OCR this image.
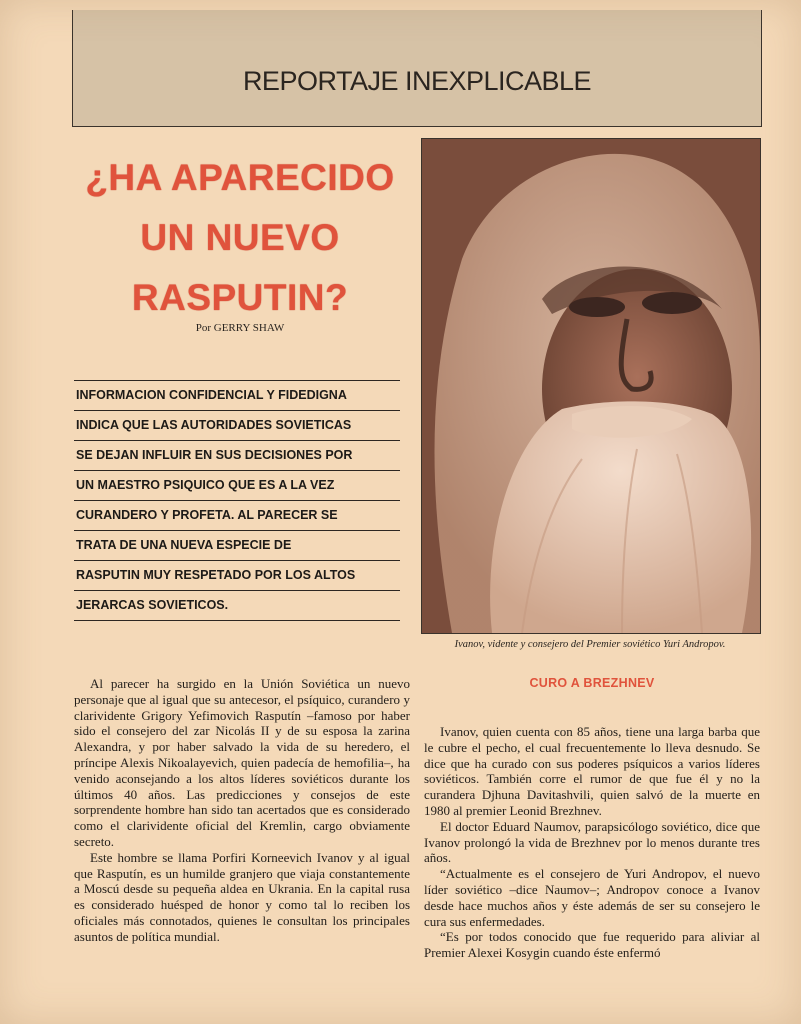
REPORTAJE INEXPLICABLE
¿HA APARECIDO
UN NUEVO
RASPUTIN?
Por GERRY SHAW
INFORMACION CONFIDENCIAL Y FIDEDIGNA
INDICA QUE LAS AUTORIDADES SOVIETICAS
SE DEJAN INFLUIR EN SUS DECISIONES POR
UN MAESTRO PSIQUICO QUE ES A LA VEZ
CURANDERO Y PROFETA. AL PARECER SE
TRATA DE UNA NUEVA ESPECIE DE
RASPUTIN MUY RESPETADO POR LOS ALTOS
JERARCAS SOVIETICOS.
Ivanov, vidente y consejero del Premier soviético Yuri Andropov.

Al parecer ha surgido en la Unión Soviética un nuevo personaje que al igual que su antecesor, el psíquico, curandero y clarividente Grigory Yefimovich Rasputín –famoso por haber sido el consejero del zar Nicolás II y de su esposa la zarina Alexandra, y por haber salvado la vida de su heredero, el príncipe Alexis Nikoalayevich, quien padecía de hemofilia–, ha venido aconsejando a los altos líderes soviéticos durante los últimos 40 años. Las predicciones y consejos de este sorprendente hombre han sido tan acertados que es considerado como el clarividente oficial del Kremlin, cargo obviamente secreto.

Este hombre se llama Porfiri Korneevich Ivanov y al igual que Rasputín, es un humilde granjero que viaja constantemente a Moscú desde su pequeña aldea en Ukrania. En la capital rusa es considerado huésped de honor y como tal lo reciben los oficiales más connotados, quienes le consultan los principales asuntos de política mundial.

CURO A BREZHNEV

Ivanov, quien cuenta con 85 años, tiene una larga barba que le cubre el pecho, el cual frecuentemente lo lleva desnudo. Se dice que ha curado con sus poderes psíquicos a varios líderes soviéticos. También corre el rumor de que fue él y no la curandera Djhuna Davitashvili, quien salvó de la muerte en 1980 al premier Leonid Brezhnev.

El doctor Eduard Naumov, parapsicólogo soviético, dice que Ivanov prolongó la vida de Brezhnev por lo menos durante tres años.

“Actualmente es el consejero de Yuri Andropov, el nuevo líder soviético –dice Naumov–; Andropov conoce a Ivanov desde hace muchos años y éste además de ser su consejero le cura sus enfermedades.

“Es por todos conocido que fue requerido para aliviar al Premier Alexei Kosygin cuando éste enfermó
